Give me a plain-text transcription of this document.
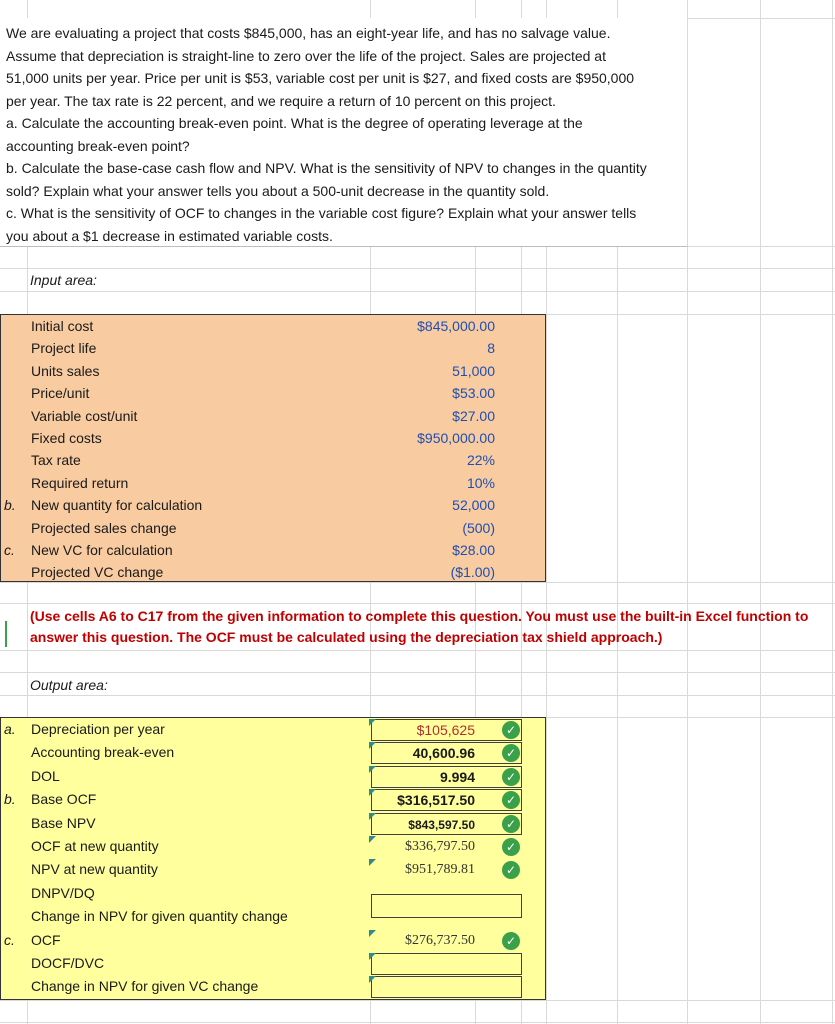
We are evaluating a project that costs $845,000, has an eight-year life, and has no salvage value.

Assume that depreciation is straight-line to zero over the life of the project. Sales are projected at

51,000 units per year. Price per unit is $53, variable cost per unit is $27, and fixed costs are $950,000

per year. The tax rate is 22 percent, and we require a return of 10 percent on this project.

a. Calculate the accounting break-even point. What is the degree of operating leverage at the

accounting break-even point?

b. Calculate the base-case cash flow and NPV. What is the sensitivity of NPV to changes in the quantity

sold? Explain what your answer tells you about a 500-unit decrease in the quantity sold.

c. What is the sensitivity of OCF to changes in the variable cost figure? Explain what your answer tells

you about a $1 decrease in estimated variable costs.

Input area:
Initial cost	$845,000.00
Project life	8
Units sales	51,000
Price/unit	$53.00
Variable cost/unit	$27.00
Fixed costs	$950,000.00
Tax rate	22%
Required return	10%
b. New quantity for calculation	52,000
Projected sales change	(500)
c. New VC for calculation	$28.00
Projected VC change	($1.00)
(Use cells A6 to C17 from the given information to complete this question. You must use the built-in Excel function to answer this question. The OCF must be calculated using the depreciation tax shield approach.)
Output area:
a. Depreciation per year	$105,625	✓
Accounting break-even	40,600.96	✓
DOL	9.994	✓
b. Base OCF	$316,517.50	✓
Base NPV	$843,597.50	✓
OCF at new quantity	$336,797.50	✓
NPV at new quantity	$951,789.81	✓
DNPV/DQ
Change in NPV for given quantity change
c. OCF	$276,737.50	✓
DOCF/DVC
Change in NPV for given VC change
